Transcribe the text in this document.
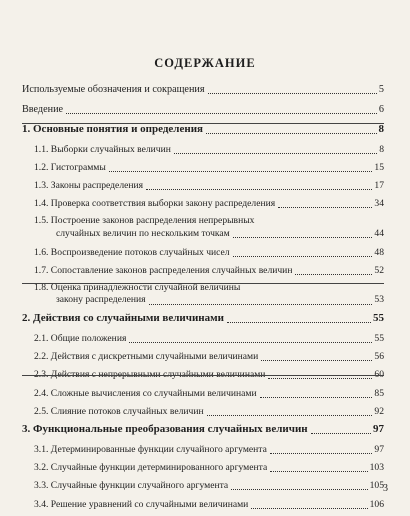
СОДЕРЖАНИЕ
Используемые обозначения и сокращения	5
Введение	6
1. Основные понятия и определения	8
1.1. Выборки случайных величин	8
1.2. Гистограммы	15
1.3. Законы распределения	17
1.4. Проверка соответствия выборки закону распределения	34
1.5. Построение законов распределения непрерывных
случайных величин по нескольким точкам	44
1.6. Воспроизведение потоков случайных чисел	48
1.7. Сопоставление законов распределения случайных величин	52
1.8. Оценка принадлежности случайной величины
закону распределения	53
2. Действия со случайными величинами	55
2.1. Общие положения	55
2.2. Действия с дискретными случайными величинами	56
2.3. Действия с непрерывными случайными величинами	60
2.4. Сложные вычисления со случайными величинами	85
2.5. Слияние потоков случайных величин	92
3. Функциональные преобразования случайных величин	97
3.1. Детерминированные функции случайного аргумента	97
3.2. Случайные функции детерминированного аргумента	103
3.3. Случайные функции случайного аргумента	105
3.4. Решение уравнений со случайными величинами	106
3
